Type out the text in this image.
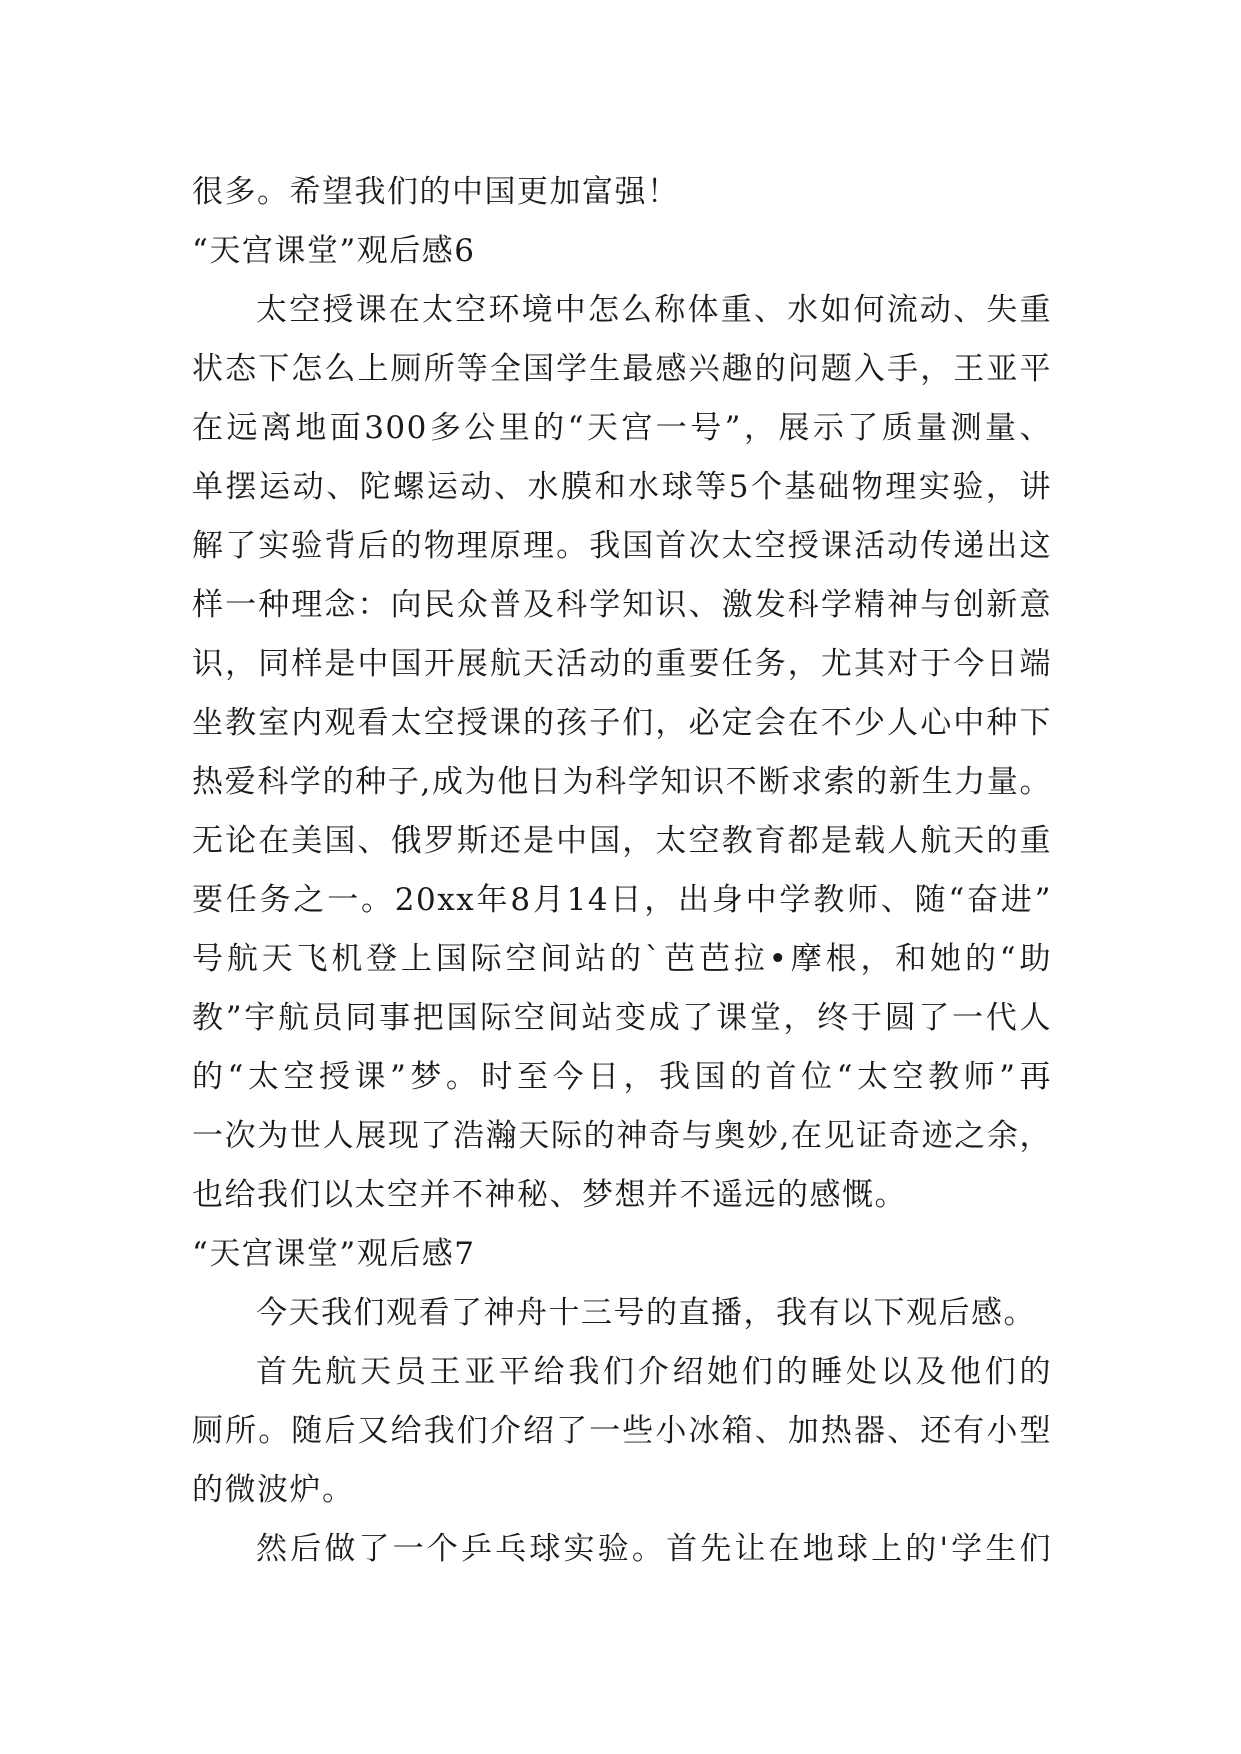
很多。希望我们的中国更加富强！
“天宫课堂”观后感6
太空授课在太空环境中怎么称体重、水如何流动、失重
状态下怎么上厕所等全国学生最感兴趣的问题入手，王亚平
在远离地面300多公里的“天宫一号”，展示了质量测量、
单摆运动、陀螺运动、水膜和水球等5个基础物理实验，讲
解了实验背后的物理原理。我国首次太空授课活动传递出这
样一种理念：向民众普及科学知识、激发科学精神与创新意
识，同样是中国开展航天活动的重要任务，尤其对于今日端
坐教室内观看太空授课的孩子们，必定会在不少人心中种下
热爱科学的种子,成为他日为科学知识不断求索的新生力量。
无论在美国、俄罗斯还是中国，太空教育都是载人航天的重
要任务之一。20xx年8月14日，出身中学教师、随“奋进”
号航天飞机登上国际空间站的`芭芭拉•摩根，和她的“助
教”宇航员同事把国际空间站变成了课堂，终于圆了一代人
的“太空授课”梦。时至今日，我国的首位“太空教师”再
一次为世人展现了浩瀚天际的神奇与奥妙,在见证奇迹之余，
也给我们以太空并不神秘、梦想并不遥远的感慨。
“天宫课堂”观后感7
今天我们观看了神舟十三号的直播，我有以下观后感。
首先航天员王亚平给我们介绍她们的睡处以及他们的
厕所。随后又给我们介绍了一些小冰箱、加热器、还有小型
的微波炉。
然后做了一个乒乓球实验。首先让在地球上的'学生们
